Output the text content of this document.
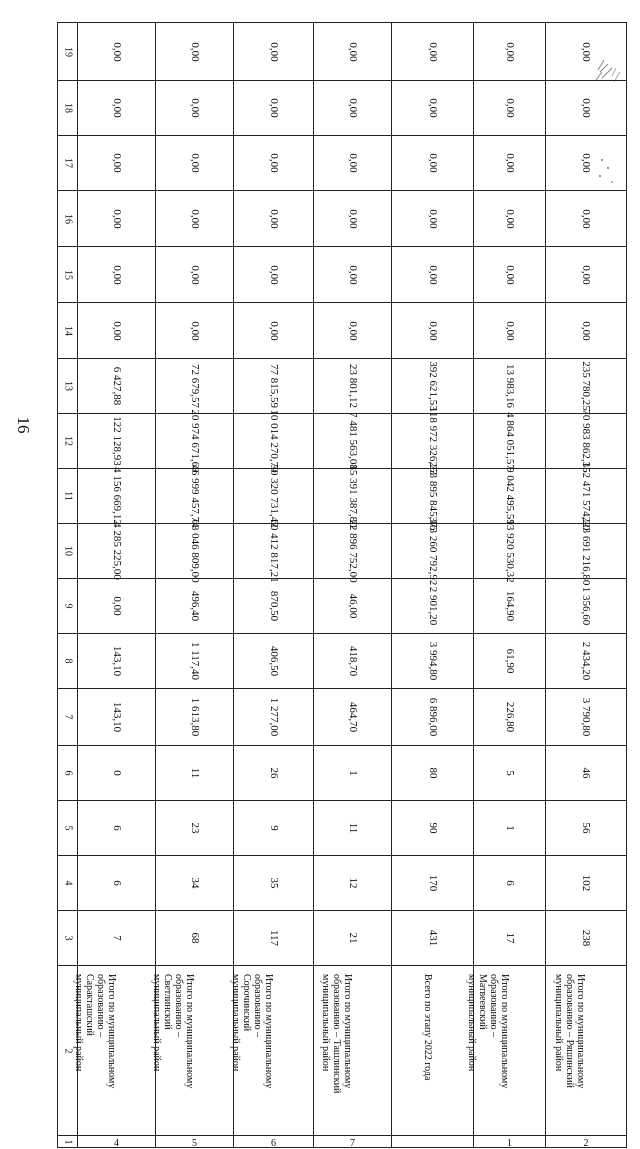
16
19	0,00	0,00	0,00	0,00	0,00	0,00	0,00

18	0,00	0,00	0,00	0,00	0,00	0,00	0,00

17	0,00	0,00	0,00	0,00	0,00	0,00	0,00

16	0,00	0,00	0,00	0,00	0,00	0,00	0,00

15	0,00	0,00	0,00	0,00	0,00	0,00	0,00

14	0,00	0,00	0,00	0,00	0,00	0,00	0,00

13	6 427,88	72 679,57	77 815,59	23 801,12	392 621,53	13 983,16	235 780,25

12	122 128,93	20 974 671,69	10 014 270,70	7 481 563,08	118 972 326,23	4 864 051,57	70 983 862,35

11	4 156 669,12	46 999 457,74	50 320 731,42	15 391 387,80	253 895 845,16	9 042 495,59	152 471 574,20

10	4 285 225,00	68 046 809,00	60 412 817,21	22 896 752,00	373 260 792,92	13 920 530,32	223 691 216,80

9	0,00	496,40	870,50	46,00	2 901,20	164,90	1 356,60

8	143,10	1 117,40	406,50	418,70	3 994,80	61,90	2 434,20

7	143,10	1 613,80	1 277,00	464,70	6 896,00	226,80	3 790,80

6	0	11	26	1	80	5	46

5	6	23	9	11	90	1	56

4	6	34	35	12	170	6	102

3	7	68	117	21	431	17	238

2	Итого по муниципальному
образованию – Саракташский
муниципальный район	Итого по муниципальному
образованию – Светлинский
муниципальный район	Итого по муниципальному
образованию – Сорочинский
муниципальный район	Итого по муниципальному
образованию – Ташлинский
муниципальный район	Всего по этапу 2022 года	Итого по муниципальному
образованию – Матвеевский
муниципальный район	Итого по муниципальному
образованию – Ряшинский
муниципальный район

1	4	5	6	7		1	2
